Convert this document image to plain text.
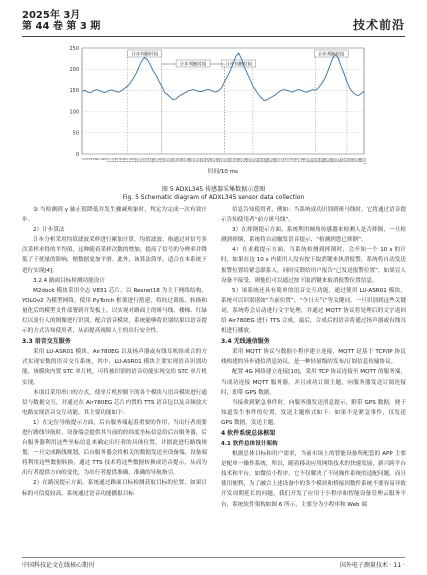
2025年 3月
第 44 卷 第 3 期	技术前沿
0
50
100
150
200
250
1
2
3
4
5
6
7
8
9
10
11
12
13
14
15
16
17
18
19
20
21
22
23
24
25
26
27
28
29
30
31
32
33
34
35
36
37
38
39
40
41
42
43
44
45
46
47
48
49
50
51
52
53
54
55
56
57
58
59
60
61
62
63
64
65
66
67
68
69
70
71
72
73
74
75
76
77
78
79
80
81
82
83
84
85
86
87
88
89
90
91
92
93
94
95
96
97
98
99
100
计步判断时间
计步判断时间
计步判断时间
计步判断时间
时间/10 ms
图 5 ADXL345 传感器采集数据示意图
Fig. 5 Schematic diagram of ADXL345 sensor data collection

② 当检测到 y 轴正值降低并发生骤减现象时，判定为完成一次有效计步。

2）计步算法

计步分析采用均值滤波采样进行累加计算，均值滤波，指通过对信号多次采样求得的平均值，这种随着采样次数的增加，提高了信号的分辨率并降低了干扰量的影响，便数据更加平滑。此外，该算法简单，适合在本系统下进行实现[4]。

3.2.4 路面目标检测功能设计

M2dock 模块采用全志 V831 芯片，以 Resnet18 为主干网络结构，YOLOv2 为模型网络，使用 PyTorch 框架进行搭建，将经过训练、转换和量化后的模型文件部署到开发板上，以实现对路面上的斑马线、楼梯、红绿灯以及行人的图像进行识别，配合语音模块，系统能够将识别结果以语音提示的方式告知使用者，从而提高视障人士的出行安全性。

3.3 语音交互服务

采用 LU-ASR01 模块、Air780EG 以及扬声器或有线耳机组成合的方式实现安数的语音交互系统，其中，LU-ASR01 模块主要实现语音识别功能，该模块内置 STC 单片机，可将被识别的语音功能实现交给 STC 单片机实现。

本项目采用串口的方式，使单片机控制下的各个模块与语音模块进行通信与数据交互，并通过在 Air780EG 芯片内置的 TTS 语音包以及音频放大电路实现语音交互功能，其主要功能如下：

1）在定位导航提示方面，后台服务端起着重要的作用，当出行者需要进行路线导航时，设备端会提供其当前的经纬度坐标信息给后台服务器，后台服务器利用这些坐标信息来确定出行者的具体位置，并据此进行路线规划，一旦完成路线规划，后台服务器会将相关的数据发送至设备端，设备端将利用这些数据转换，通过 TTS 技术将这些数据转换成语音提示，从而为出行者提供方向的变化，为出行者提供准确、准确的导航指引。

2）在路况提示方面，系统通过路面目标检测获取目标的位置，如果目标的可信度较高，系统通过语音功能播报目标

信息告知使用者，例如：当系统成功识别到斑马线时，它将通过语音提示告知使用者“前方斑马线”。

3）在摔倒提示方面，系统利用倾角传感器来检测人是否摔倒，一旦检测到摔倒，系统将自动触发语音提示，“检测到您已摔倒”。

4）在求救提示方面，当系统检测到摔倒时，会开始一个 10 s 的计时，如果在这 10 s 内使用人没有按下取消键来执消报警，系统将自动发送报警位置给紧急联系人，同时反馈给用户报告“已发送报警位置”，如果盲人设备不接受，则他们可以通过按下取消键来取消报警位置信息。

5）该系统还具有简单的语音交互功能，通过使用 LU-ASR01 模块，系统可以识别诸如“当前位置”、“今日天气”等关键词，一旦识别到这些关键词，系统将会启动进行文字处理，并通过 MQTT 协议将处理后的文字返回给 Air780EG 进行 TTS 合成，最后，合成后的语音将通过扬声器或有线耳机进行播放。

3.4 无线通信服务

采用 MQTT 协议与数据小程序建立连接，MQTT 是基于 TCP/IP 协议栈构建的异步通信消息协议，是一种轻量级的发布/订阅信息传输协议。

配置 4G 网络建立连接[10]，采用 TCP 协议连接至 MQTT 的服务端，当成功连接 MQTT 服务器，并且成功订阅主题，向服务器发送订阅连接时，即带 GPS 数据。

当接收到紧急事件时，向服务器发送消息提示，附带 GPS 数据，便于知道发生事件的位置，发送主题格式如下：如果不是紧急事件，仅发送 GPS 数据，发送主题。

4 软件系统总体框架
4.1 软件总体设计架构

根据总体目标和用户需求，当前市场上的智能设备所配套的 APP 主要是配单一操作系统，所以，随着移动应用网络技术的快速发展，新兴跨平台技术和平台，如微信小程序，它不仅解决了不同操作系统的适配问题，而且使用便利，为了融合上述设备中的多个模块和桥接因数件系统不要容易导致开发周期延长的问题，我们开发了应用于小程序和智能设备管理云服务平台，系统软件架构如图 6 所示，主要分为小程序和 Web 端

中国科技论文在线核心期刊	国外电子测量技术 · 11 ·
